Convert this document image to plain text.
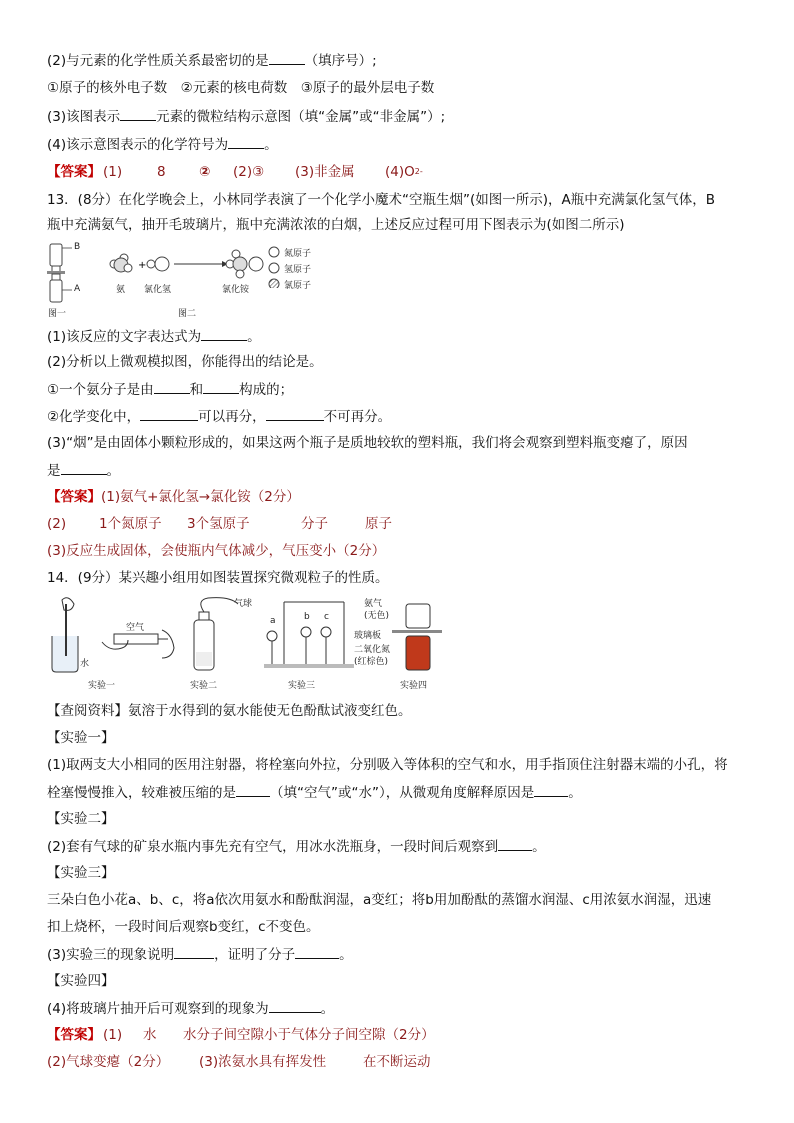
(2)与元素的化学性质关系最密切的是	（填序号）;
①原子的核外电子数　②元素的核电荷数　③原子的最外层电子数
(3)该图表示	元素的微粒结构示意图（填“金属”或“非金属”）;
(4)该示意图表示的化学符号为	。
【答案】 (1)	8 ② (2)③ (3)非金属 $(4)O^{2-}$
13．(8分）在化学晚会上，小林同学表演了一个化学小魔术“空瓶生烟”(如图一所示)，A瓶中充满氯化氢气体，B
瓶中充满氨气，抽开毛玻璃片，瓶中充满浓浓的白烟，上述反应过程可用下图表示为(如图二所示)
B
A
图一
+
氨 氯化氢	氯化铵
氮原子
氢原子
氯原子
图二
(1)该反应的文字表达式为	。
(2)分析以上微观模拟图，你能得出的结论是。
①一个氨分子是由	和	构成的；
②化学变化中，	可以再分，	不可再分。
(3)“烟”是由固体小颗粒形成的，如果这两个瓶子是质地较软的塑料瓶，我们将会观察到塑料瓶变瘪了，原因
是	。
【答案】(1)氨气+氯化氢→氯化铵（2分）
(2) 1个氮原子 3个氢原子	分子	原子
(3)反应生成固体，会使瓶内气体减少，气压变小（2分）
14．(9分）某兴趣小组用如图装置探究微观粒子的性质。
空气
水
气球
a	b c
氨气
(无色)
玻璃板
二氧化氮
(红棕色)
实验一	实验二	实验三	实验四
【查阅资料】氨溶于水得到的氨水能使无色酚酞试液变红色。
【实验一】
(1)取两支大小相同的医用注射器，将栓塞向外拉，分别吸入等体积的空气和水，用手指顶住注射器末端的小孔，将
栓塞慢慢推入，较难被压缩的是	（填“空气”或“水”），从微观角度解释原因是	。
【实验二】
(2)套有气球的矿泉水瓶内事先充有空气，用冰水洗瓶身，一段时间后观察到	。
【实验三】
三朵白色小花a、b、c，将a依次用氨水和酚酞润湿，a变红；将b用加酚酞的蒸馏水润湿、c用浓氨水润湿，迅速
扣上烧杯，一段时间后观察b变红，c不变色。
(3)实验三的现象说明	，证明了分子	。
【实验四】
(4)将玻璃片抽开后可观察到的现象为	。
【答案】 (1) 水 水分子间空隙小于气体分子间空隙（2分）
(2)气球变瘪（2分） (3)浓氨水具有挥发性	在不断运动
